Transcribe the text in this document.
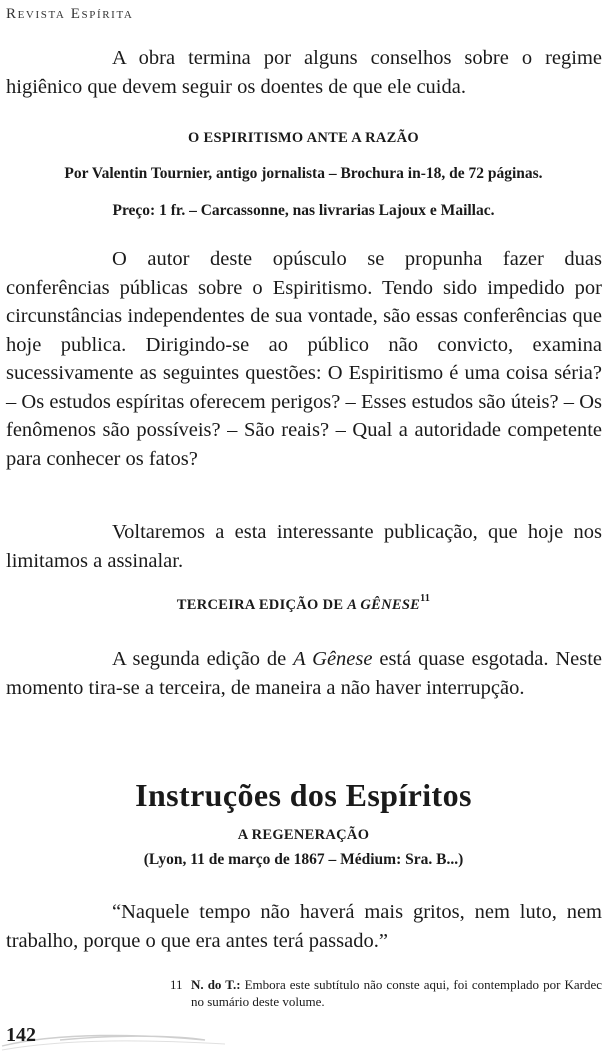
Revista Espírita

A obra termina por alguns conselhos sobre o regime higiênico que devem seguir os doentes de que ele cuida.

O ESPIRITISMO ANTE A RAZÃO
Por Valentin Tournier, antigo jornalista – Brochura in-18, de 72 páginas.
Preço: 1 fr. – Carcassonne, nas livrarias Lajoux e Maillac.

O autor deste opúsculo se propunha fazer duas conferências públicas sobre o Espiritismo. Tendo sido impedido por circunstâncias independentes de sua vontade, são essas conferências que hoje publica. Dirigindo-se ao público não convicto, examina sucessivamente as seguintes questões: O Espiritismo é uma coisa séria? – Os estudos espíritas oferecem perigos? – Esses estudos são úteis? – Os fenômenos são possíveis? – São reais? – Qual a autoridade competente para conhecer os fatos?

Voltaremos a esta interessante publicação, que hoje nos limitamos a assinalar.

TERCEIRA EDIÇÃO DE A GÊNESE$^{11}$

A segunda edição de A Gênese está quase esgotada. Neste momento tira-se a terceira, de maneira a não haver interrupção.

Instruções dos Espíritos
A REGENERAÇÃO
(Lyon, 11 de março de 1867 – Médium: Sra. B...)

“Naquele tempo não haverá mais gritos, nem luto, nem trabalho, porque o que era antes terá passado.”

11 N. do T.: Embora este subtítulo não conste aqui, foi contemplado por Kardec no sumário deste volume.
142
